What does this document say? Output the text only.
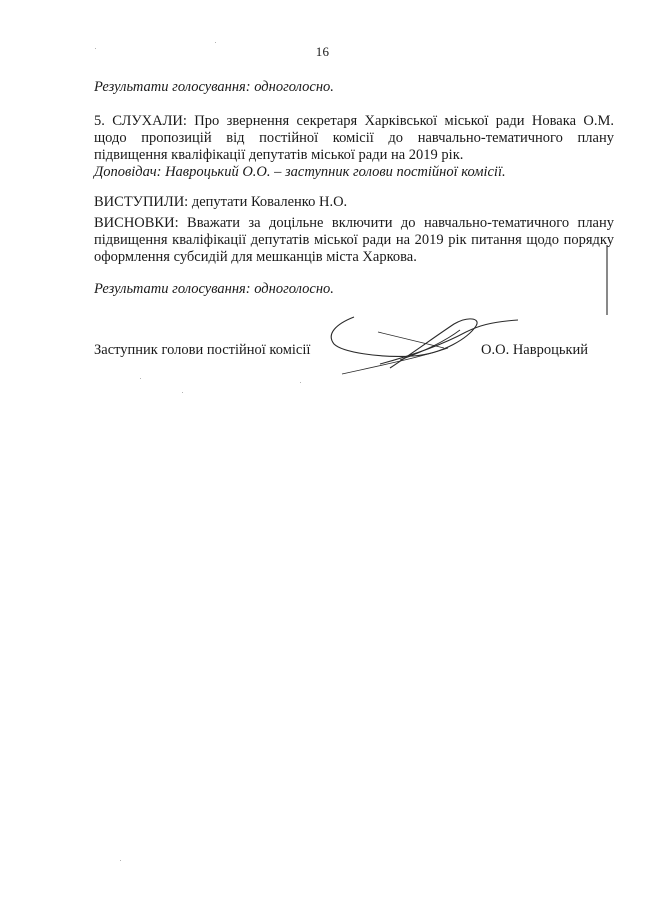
16
Результати голосування: одноголосно.
5. СЛУХАЛИ: Про звернення секретаря Харківської міської ради Новака О.М.
щодо пропозицій від постійної комісії до навчально-тематичного плану
підвищення кваліфікації депутатів міської ради на 2019 рік.
Доповідач: Навроцький О.О. – заступник голови постійної комісії.
ВИСТУПИЛИ: депутати Коваленко Н.О.
ВИСНОВКИ: Вважати за доцільне включити до навчально-тематичного плану
підвищення кваліфікації депутатів міської ради на 2019 рік питання щодо порядку
оформлення субсидій для мешканців міста Харкова.
Результати голосування: одноголосно.
Заступник голови постійної комісії	О.О. Навроцький
